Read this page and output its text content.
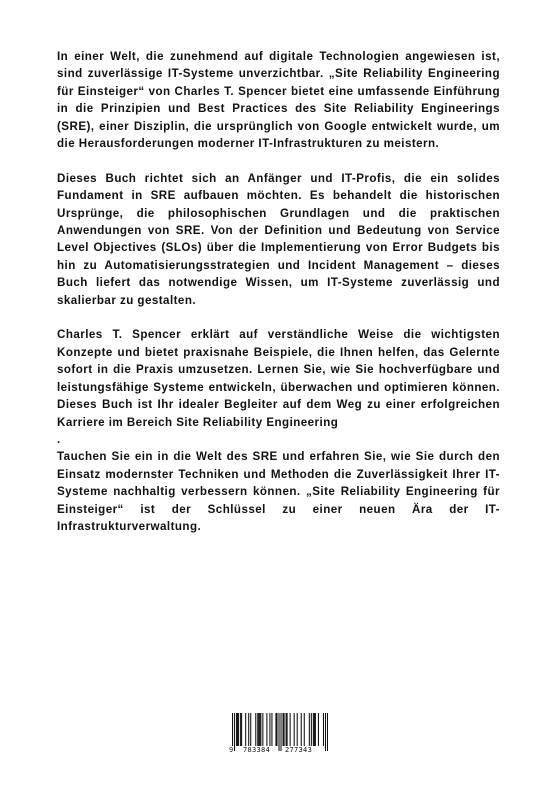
In einer Welt, die zunehmend auf digitale Technologien angewiesen ist, sind zuverlässige IT-Systeme unverzichtbar. „Site Reliability Engineering für Einsteiger“ von Charles T. Spencer bietet eine umfassende Einführung in die Prinzipien und Best Practices des Site Reliability Engineerings (SRE), einer Disziplin, die ursprünglich von Google entwickelt wurde, um die Herausforderungen moderner IT-Infrastrukturen zu meistern.

Dieses Buch richtet sich an Anfänger und IT-Profis, die ein solides Fundament in SRE aufbauen möchten. Es behandelt die historischen Ursprünge, die philosophischen Grundlagen und die praktischen Anwendungen von SRE. Von der Definition und Bedeutung von Service Level Objectives (SLOs) über die Implementierung von Error Budgets bis hin zu Automatisierungsstrategien und Incident Management – dieses Buch liefert das notwendige Wissen, um IT-Systeme zuverlässig und skalierbar zu gestalten.

Charles T. Spencer erklärt auf verständliche Weise die wichtigsten Konzepte und bietet praxisnahe Beispiele, die Ihnen helfen, das Gelernte sofort in die Praxis umzusetzen. Lernen Sie, wie Sie hochverfügbare und leistungsfähige Systeme entwickeln, überwachen und optimieren können. Dieses Buch ist Ihr idealer Begleiter auf dem Weg zu einer erfolgreichen Karriere im Bereich Site Reliability Engineering

.

Tauchen Sie ein in die Welt des SRE und erfahren Sie, wie Sie durch den Einsatz modernster Techniken und Methoden die Zuverlässigkeit Ihrer IT-Systeme nachhaltig verbessern können. „Site Reliability Engineering für Einsteiger“ ist der Schlüssel zu einer neuen Ära der IT-Infrastrukturverwaltung.

9 783384 277343
